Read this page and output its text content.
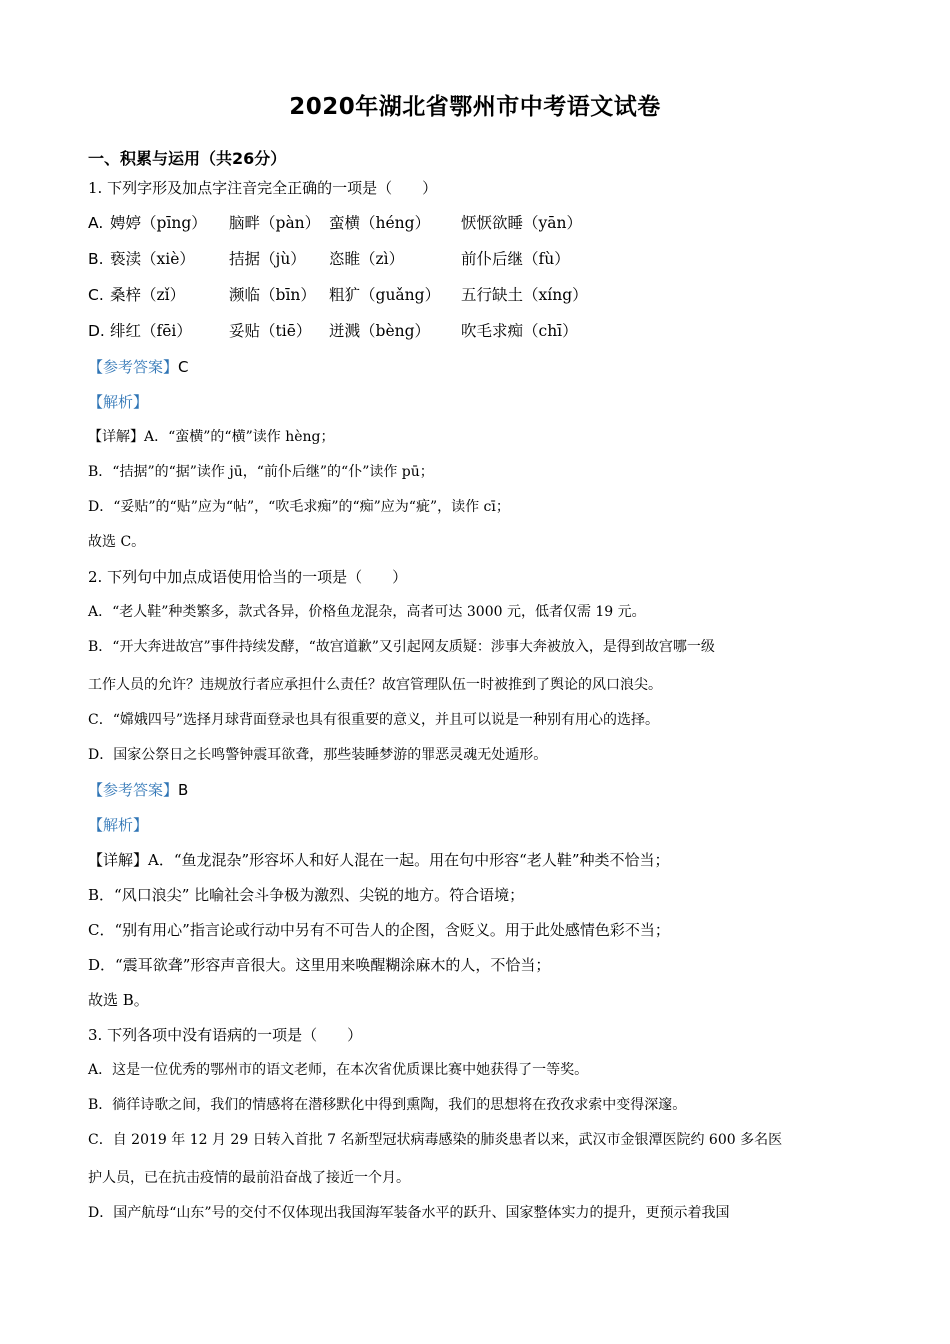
2020年湖北省鄂州市中考语文试卷
一、积累与运用（共26分）
1. 下列字形及加点字注音完全正确的一项是（　　）
A. 娉婷（pīng）	脑畔（pàn） 蛮横（héng）	恹恹欲睡（yān）
B. 亵渎（xiè）	拮据（jù）	恣睢（zì）	前仆后继（fù）
C. 桑梓（zǐ）	濒临（bīn） 粗犷（guǎng）	五行缺土（xíng）
D. 绯红（fēi）	妥贴（tiē）	迸溅（bèng）	吹毛求痴（chī）
【参考答案】C
【解析】
【详解】A．“蛮横”的“横”读作 hèng；
B．“拮据”的“据”读作 jū，“前仆后继”的“仆”读作 pū；
D．“妥贴”的“贴”应为“帖”，“吹毛求痴”的“痴”应为“疵”，读作 cī；
故选 C。
2. 下列句中加点成语使用恰当的一项是（　　）
A．“老人鞋”种类繁多，款式各异，价格鱼龙混杂，高者可达 3000 元，低者仅需 19 元。
B．“开大奔进故宫”事件持续发酵，“故宫道歉”又引起网友质疑：涉事大奔被放入，是得到故宫哪一级
工作人员的允许？违规放行者应承担什么责任？故宫管理队伍一时被推到了舆论的风口浪尖。
C．“嫦娥四号”选择月球背面登录也具有很重要的意义，并且可以说是一种别有用心的选择。
D．国家公祭日之长鸣警钟震耳欲聋，那些装睡梦游的罪恶灵魂无处遁形。
【参考答案】B
【解析】
【详解】A．“鱼龙混杂”形容坏人和好人混在一起。用在句中形容“老人鞋”种类不恰当；
B．“风口浪尖” 比喻社会斗争极为激烈、尖锐的地方。符合语境；
C．“别有用心”指言论或行动中另有不可告人的企图，含贬义。用于此处感情色彩不当；
D．“震耳欲聋”形容声音很大。这里用来唤醒糊涂麻木的人，不恰当；
故选 B。
3. 下列各项中没有语病的一项是（　　）
A．这是一位优秀的鄂州市的语文老师，在本次省优质课比赛中她获得了一等奖。
B．徜徉诗歌之间，我们的情感将在潜移默化中得到熏陶，我们的思想将在孜孜求索中变得深邃。
C．自 2019 年 12 月 29 日转入首批 7 名新型冠状病毒感染的肺炎患者以来，武汉市金银潭医院约 600 多名医
护人员，已在抗击疫情的最前沿奋战了接近一个月。
D．国产航母“山东”号的交付不仅体现出我国海军装备水平的跃升、国家整体实力的提升，更预示着我国
